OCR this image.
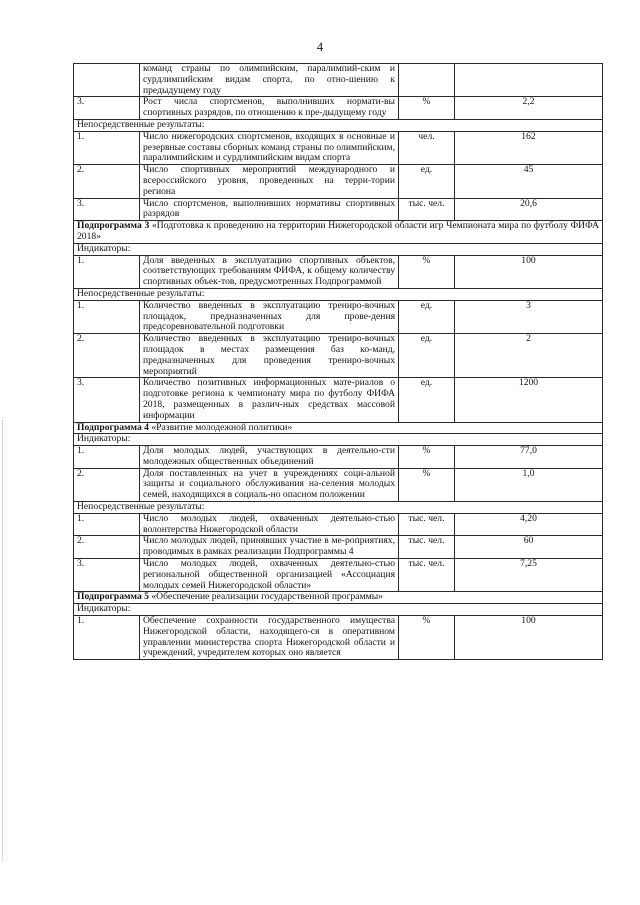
4
	команд страны по олимпийским, паралимпий-ским и сурдлимпийским видам спорта, по отно-шению к предыдущему году		
3.	Рост числа спортсменов, выполнивших нормати-вы спортивных разрядов, по отношению к пре-дыдущему году	%	2,2
Непосредственные результаты:			
1.	Число нижегородских спортсменов, входящих в основные и резервные составы сборных команд страны по олимпийским, паралимпийским и сурдлимпийским видам спорта	чел.	162
2.	Число спортивных мероприятий международного и всероссийского уровня, проведенных на терри-тории региона	ед.	45
3.	Число спортсменов, выполнивших нормативы спортивных разрядов	тыс. чел.	20,6
Подпрограмма 3 «Подготовка к проведению на территории Нижегородской области игр Чемпионата мира по футболу ФИФА 2018»			
Индикаторы:			
1.	Доля введенных в эксплуатацию спортивных объектов, соответствующих требованиям ФИФА, к общему количеству спортивных объек-тов, предусмотренных Подпрограммой	%	100
Непосредственные результаты:			
1.	Количество введенных в эксплуатацию трениро-вочных площадок, предназначенных для прове-дения предсоревновательной подготовки	ед.	3
2.	Количество введенных в эксплуатацию трениро-вочных площадок в местах размещения баз ко-манд, предназначенных для проведения трениро-вочных мероприятий	ед.	2
3.	Количество позитивных информационных мате-риалов о подготовке региона к чемпионату мира по футболу ФИФА 2018, размещенных в различ-ных средствах массовой информации	ед.	1200
Подпрограмма 4 «Развитие молодежной политики»			
Индикаторы:			
1.	Доля молодых людей, участвующих в деятельно-сти молодежных общественных объединений	%	77,0
2.	Доля поставленных на учет в учреждениях соци-альной защиты и социального обслуживания на-селения молодых семей, находящихся в социаль-но опасном положении	%	1,0
Непосредственные результаты:			
1.	Число молодых людей, охваченных деятельно-стью волонтерства Нижегородской области	тыс. чел.	4,20
2.	Число молодых людей, принявших участие в ме-роприятиях, проводимых в рамках реализации Подпрограммы 4	тыс. чел.	60
3.	Число молодых людей, охваченных деятельно-стью региональной общественной организацией «Ассоциация молодых семей Нижегородской области»	тыс. чел.	7,25
Подпрограмма 5 «Обеспечение реализации государственной программы»			
Индикаторы:			
1.	Обеспечение сохранности государственного имущества Нижегородской области, находящего-ся в оперативном управлении министерства спорта Нижегородской области и учреждений, учредителем которых оно является	%	100
